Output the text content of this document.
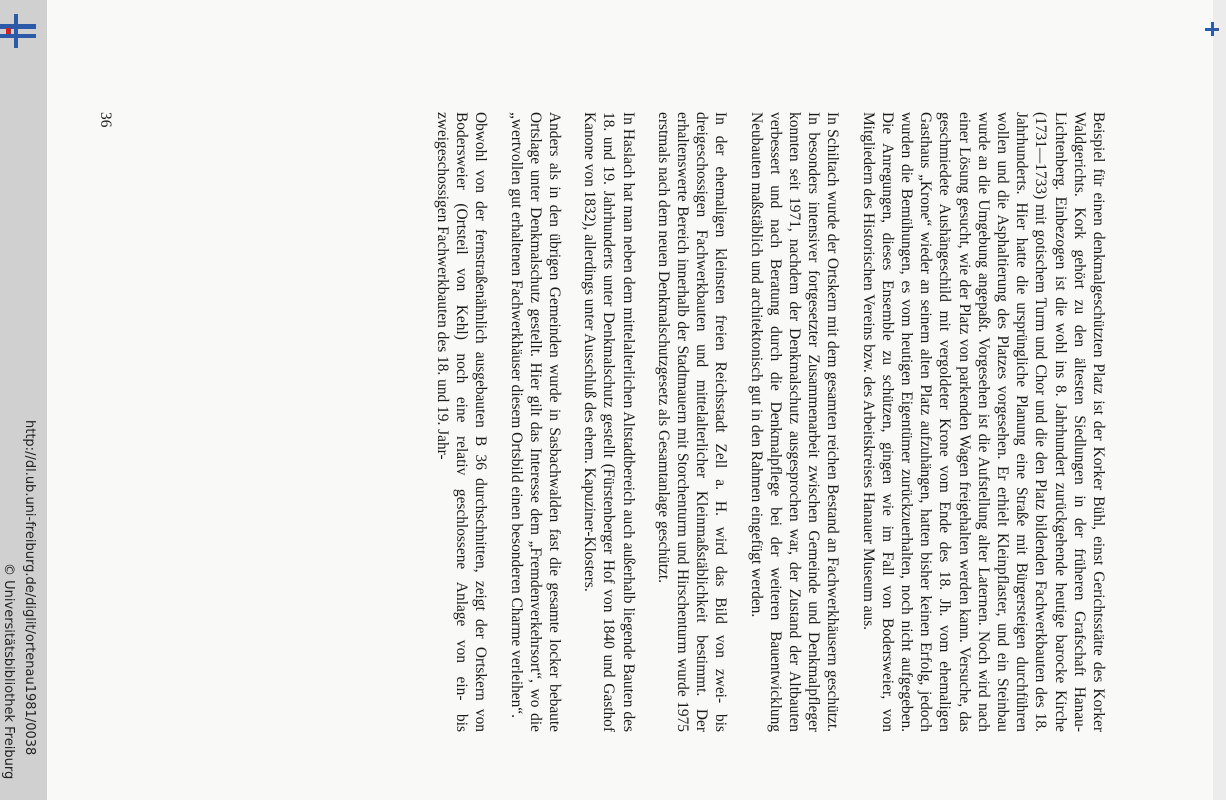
http://dl.ub.uni-freiburg.de/diglit/ortenau1981/0038
© Universitätsbibliothek Freiburg	Beispiel für einen denkmalgeschützten Platz ist der Korker Bühl, einst Gerichtsstätte des Korker Waldgerichts. Kork gehört zu den ältesten Siedlungen in der früheren Grafschaft Hanau-Lichtenberg. Einbezogen ist die wohl ins 8. Jahrhundert zurückgehende heutige barocke Kirche (1731—1733) mit gotischem Turm und Chor und die den Platz bildenden Fachwerkbauten des 18. Jahrhunderts. Hier hatte die ursprüngliche Planung eine Straße mit Bürgersteigen durchführen wollen und die Asphaltierung des Platzes vorgesehen. Er erhielt Kleinpflaster, und ein Steinbau wurde an die Umgebung angepaßt. Vorgesehen ist die Aufstellung alter Laternen. Noch wird nach einer Lösung gesucht, wie der Platz von parkenden Wagen freigehalten werden kann. Versuche, das geschmiedete Aushängeschild mit vergoldeter Krone vom Ende des 18. Jh. vom ehemaligen Gasthaus „Krone“ wieder an seinem alten Platz aufzuhängen, hatten bisher keinen Erfolg, jedoch wurden die Bemühungen, es vom heutigen Eigentümer zurückzuerhalten, noch nicht aufgegeben. Die Anregungen, dieses Ensemble zu schützen, gingen wie im Fall von Bodersweier, von Mitgliedern des Historischen Vereins bzw. des Arbeitskreises Hanauer Museum aus.

In Schiltach wurde der Ortskern mit dem gesamten reichen Bestand an Fachwerkhäusern geschützt. In besonders intensiver fortgesetzter Zusammenarbeit zwischen Gemeinde und Denkmalpfleger konnten seit 1971, nachdem der Denkmalschutz ausgesprochen war, der Zustand der Altbauten verbessert und nach Beratung durch die Denkmalpflege bei der weiteren Bauentwicklung Neubauten maßstäblich und architektonisch gut in den Rahmen eingefügt werden.

In der ehemaligen kleinsten freien Reichsstadt Zell a. H. wird das Bild von zwei- bis dreigeschossigen Fachwerkbauten und mittelalterlicher Kleinmaßstäblichkeit bestimmt. Der erhaltenswerte Bereich innerhalb der Stadtmauern mit Storchenturm und Hirschenturm wurde 1975 erstmals nach dem neuen Denkmalschutzgesetz als Gesamtanlage geschützt.

In Haslach hat man neben dem mittelalterlichen Altstadtbereich auch außerhalb liegende Bauten des 18. und 19. Jahrhunderts unter Denkmalschutz gestellt (Fürstenberger Hof von 1840 und Gasthof Kanone von 1832), allerdings unter Ausschluß des ehem. Kapuziner-Klosters.

Anders als in den übrigen Gemeinden wurde in Sasbachwalden fast die gesamte locker bebaute Ortslage unter Denkmalschutz gestellt. Hier gilt das Interesse dem „Fremdenverkehrsort“, wo die „wertvollen gut erhaltenen Fachwerkhäuser diesem Ortsbild einen besonderen Charme verleihen“.

Obwohl von der fernstraßenähnlich ausgebauten B 36 durchschnitten, zeigt der Ortskern von Bodersweier (Ortsteil von Kehl) noch eine relativ geschlossene Anlage von ein- bis zweigeschossigen Fachwerkbauten des 18. und 19. Jahr-

36
